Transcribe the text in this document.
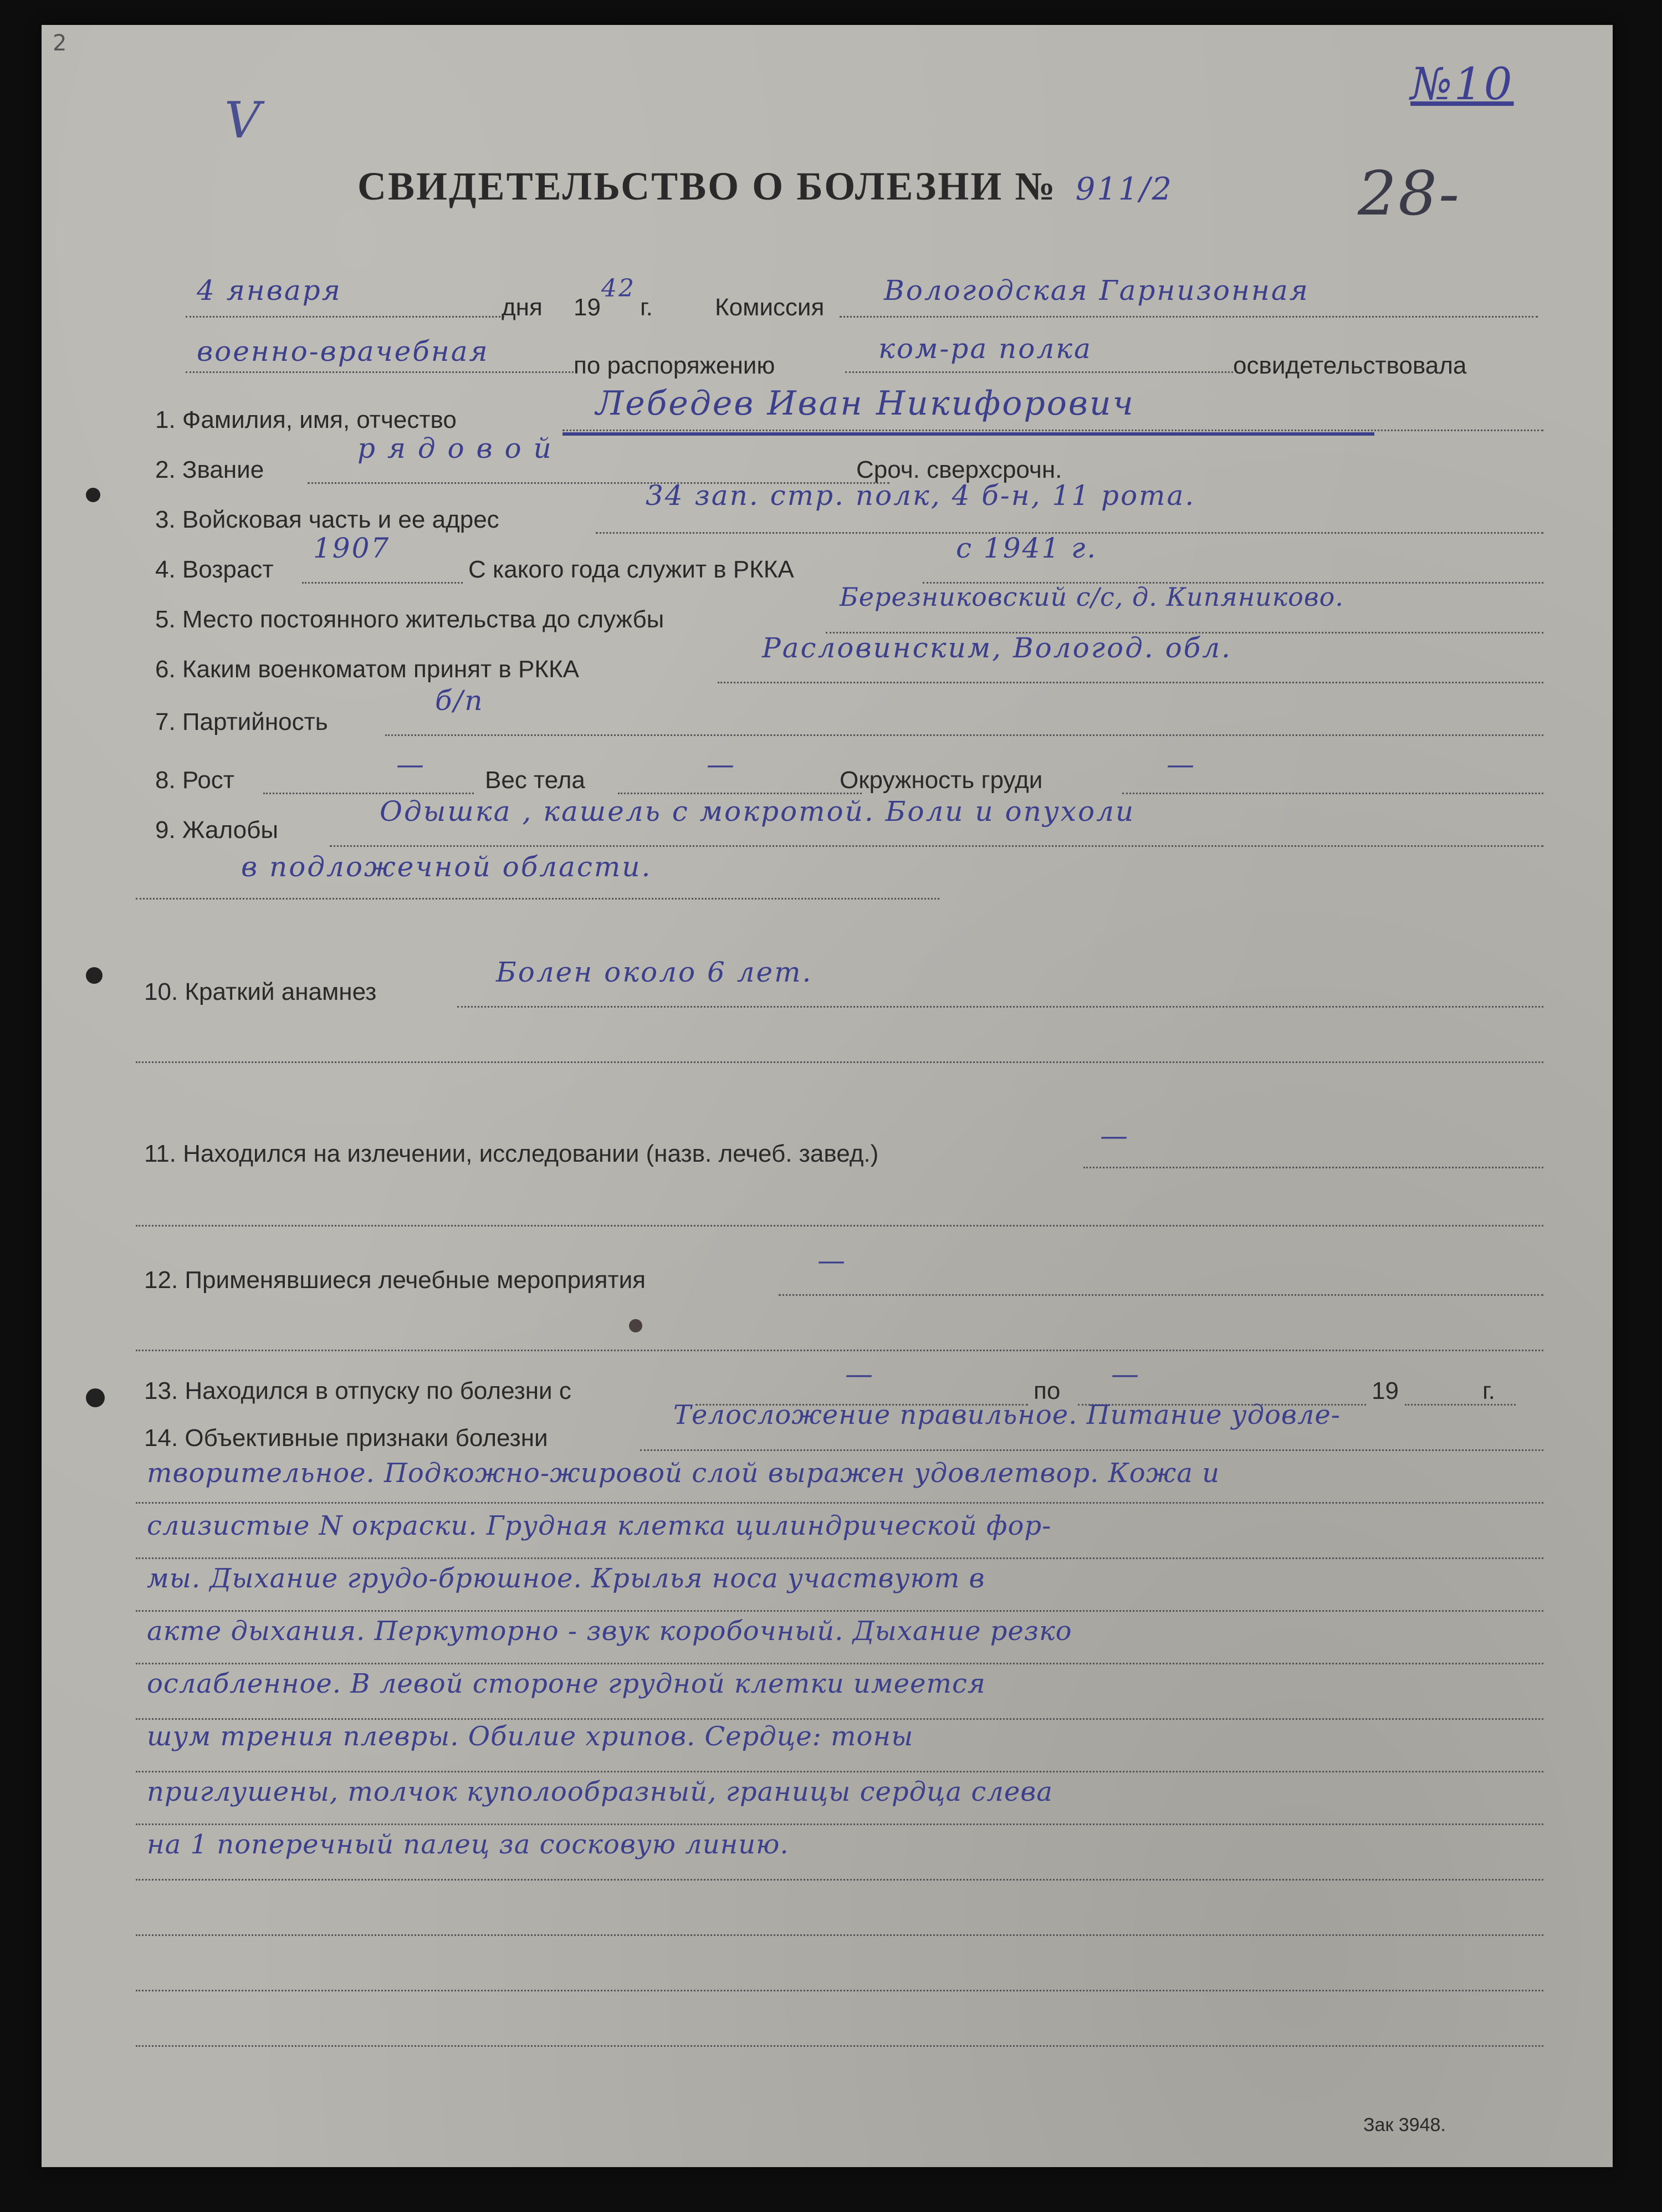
2
V
№10
28-
СВИДЕТЕЛЬСТВО О БОЛЕЗНИ № 911/2
4 января
дня 19
42
г.	Комиссия
Вологодская Гарнизонная
военно-врачебная	по распоряжению
ком-ра полка
освидетельствовала
1. Фамилия, имя, отчество	Лебедев Иван Никифорович
2. Звание
р я д о в о й
Сроч. сверхсрочн.
3. Войсковая часть и ее адрес
34 зап. стр. полк, 4 б-н, 11 рота.
4. Возраст
1907
С какого года служит в РККА
с 1941 г.
5. Место постоянного жительства до службы
Березниковский с/с, д. Кипяниково.
6. Каким военкоматом принят в РККА
Расловинским, Вологод. обл.
7. Партийность
б/п
8. Рост	— Вес тела	—	Окружность груди	—
9. Жалобы
Одышка , кашель с мокротой. Боли и опухоли
в подложечной области.
10. Краткий анамнез
Болен около 6 лет.
11. Находился на излечении, исследовании (назв. лечеб. завед.)
—
12. Применявшиеся лечебные мероприятия
—
13. Находился в отпуску по болезни с
—
по
—
19	г.
14. Объективные признаки болезни
Телосложение правильное. Питание удовле-
творительное. Подкожно-жировой слой выражен удовлетвор. Кожа и
слизистые N окраски. Грудная клетка цилиндрической фор-
мы. Дыхание грудо-брюшное. Крылья носа участвуют в
акте дыхания. Перкуторно - звук коробочный. Дыхание резко
ослабленное. В левой стороне грудной клетки имеется
шум трения плевры. Обилие хрипов. Сердце: тоны
приглушены, толчок куполообразный, границы сердца слева
на 1 поперечный палец за сосковую линию.
Зак 3948.
